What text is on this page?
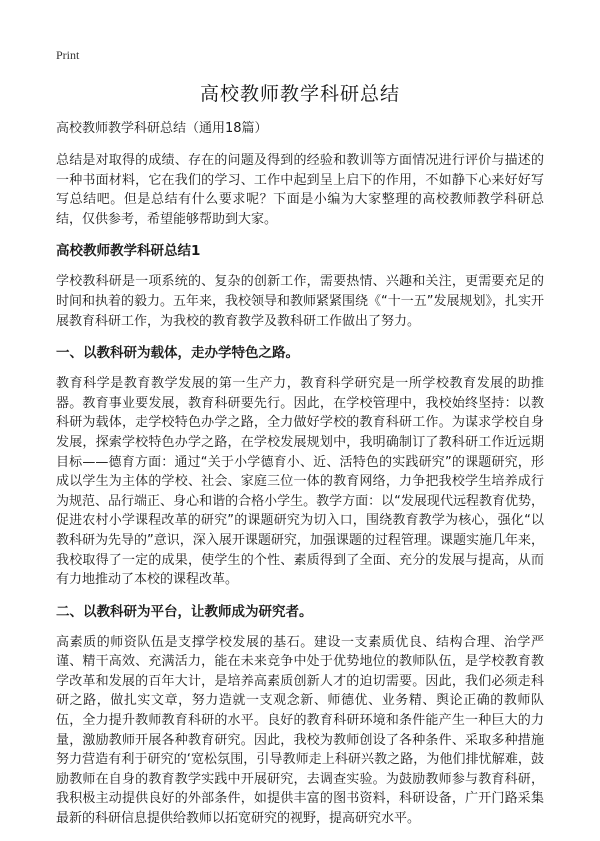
Print
高校教师教学科研总结
高校教师教学科研总结（通用18篇）

总结是对取得的成绩、存在的问题及得到的经验和教训等方面情况进行评价与描述的一种书面材料，它在我们的学习、工作中起到呈上启下的作用，不如静下心来好好写写总结吧。但是总结有什么要求呢？下面是小编为大家整理的高校教师教学科研总结，仅供参考，希望能够帮助到大家。

高校教师教学科研总结1

学校教科研是一项系统的、复杂的创新工作，需要热情、兴趣和关注，更需要充足的时间和执着的毅力。五年来，我校领导和教师紧紧围绕《“十一五”发展规划》，扎实开展教育科研工作，为我校的教育教学及教科研工作做出了努力。

一、以教科研为载体，走办学特色之路。

教育科学是教育教学发展的第一生产力，教育科学研究是一所学校教育发展的助推器。教育事业要发展，教育科研要先行。因此，在学校管理中，我校始终坚持：以教科研为载体，走学校特色办学之路，全力做好学校的教育科研工作。为谋求学校自身发展，探索学校特色办学之路，在学校发展规划中，我明确制订了教科研工作近远期目标——德育方面：通过“关于小学德育小、近、活特色的实践研究”的课题研究，形成以学生为主体的学校、社会、家庭三位一体的教育网络，力争把我校学生培养成行为规范、品行端正、身心和谐的合格小学生。教学方面：以“发展现代远程教育优势，促进农村小学课程改革的研究”的课题研究为切入口，围绕教育教学为核心，强化“以教科研为先导的”意识，深入展开课题研究，加强课题的过程管理。课题实施几年来，我校取得了一定的成果，使学生的个性、素质得到了全面、充分的发展与提高，从而有力地推动了本校的课程改革。

二、以教科研为平台，让教师成为研究者。

高素质的师资队伍是支撑学校发展的基石。建设一支素质优良、结构合理、治学严谨、精干高效、充满活力，能在未来竞争中处于优势地位的教师队伍，是学校教育教学改革和发展的百年大计，是培养高素质创新人才的迫切需要。因此，我们必须走科研之路，做扎实文章，努力造就一支观念新、师德优、业务精、舆论正确的教师队伍，全力提升教师教育科研的水平。良好的教育科研环境和条件能产生一种巨大的力量，激励教师开展各种教育研究。因此，我校为教师创设了各种条件、采取多种措施努力营造有利于研究的‘宽松氛围，引导教师走上科研兴教之路，为他们排忧解难，鼓励教师在自身的教育教学实践中开展研究，去调查实验。为鼓励教师参与教育科研，我积极主动提供良好的外部条件，如提供丰富的图书资料，科研设备，广开门路采集最新的科研信息提供给教师以拓宽研究的视野，提高研究水平。
